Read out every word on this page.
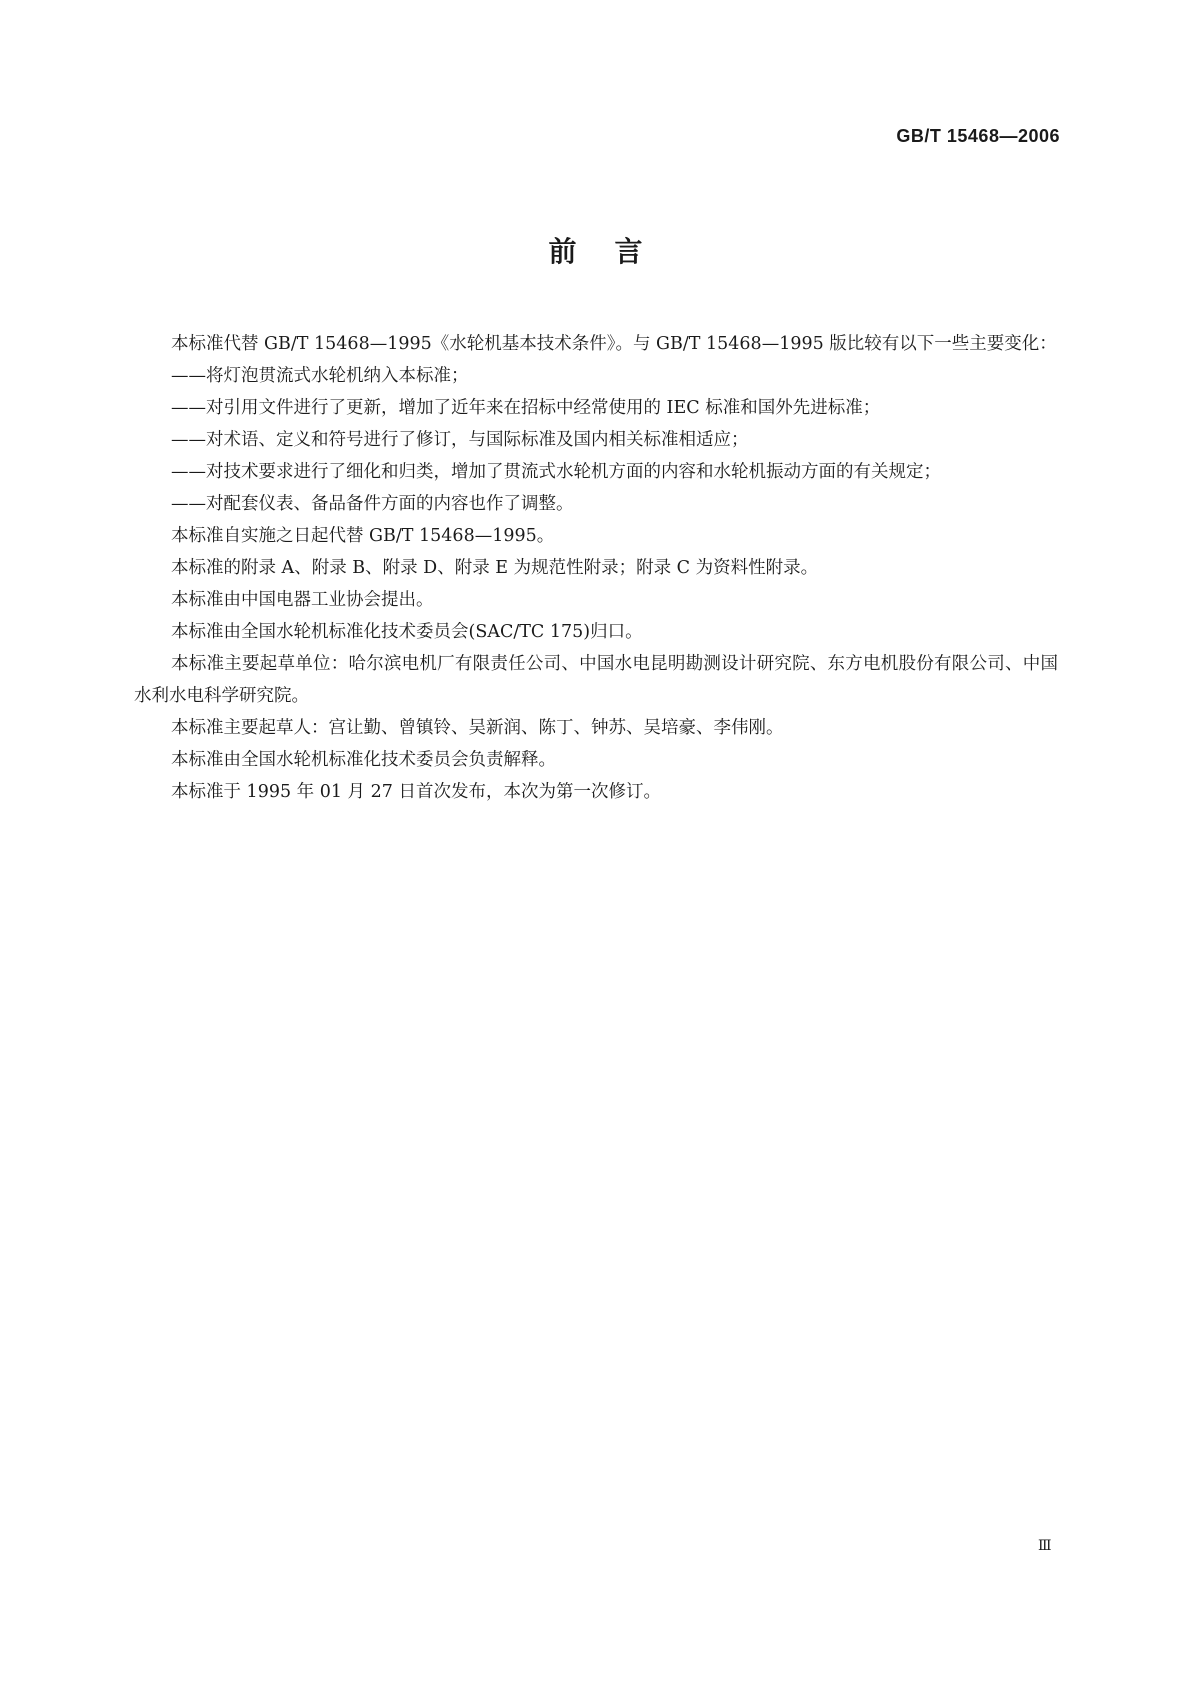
GB/T 15468—2006
前言

本标准代替 GB/T 15468—1995《水轮机基本技术条件》。与 GB/T 15468—1995 版比较有以下一些主要变化：

——将灯泡贯流式水轮机纳入本标准；

——对引用文件进行了更新，增加了近年来在招标中经常使用的 IEC 标准和国外先进标准；

——对术语、定义和符号进行了修订，与国际标准及国内相关标准相适应；

——对技术要求进行了细化和归类，增加了贯流式水轮机方面的内容和水轮机振动方面的有关规定；

——对配套仪表、备品备件方面的内容也作了调整。

本标准自实施之日起代替 GB/T 15468—1995。

本标准的附录 A、附录 B、附录 D、附录 E 为规范性附录；附录 C 为资料性附录。

本标准由中国电器工业协会提出。

本标准由全国水轮机标准化技术委员会(SAC/TC 175)归口。

本标准主要起草单位：哈尔滨电机厂有限责任公司、中国水电昆明勘测设计研究院、东方电机股份有限公司、中国水利水电科学研究院。

本标准主要起草人：宫让勤、曾镇铃、吴新润、陈丁、钟苏、吴培豪、李伟刚。

本标准由全国水轮机标准化技术委员会负责解释。

本标准于 1995 年 01 月 27 日首次发布，本次为第一次修订。

Ⅲ
